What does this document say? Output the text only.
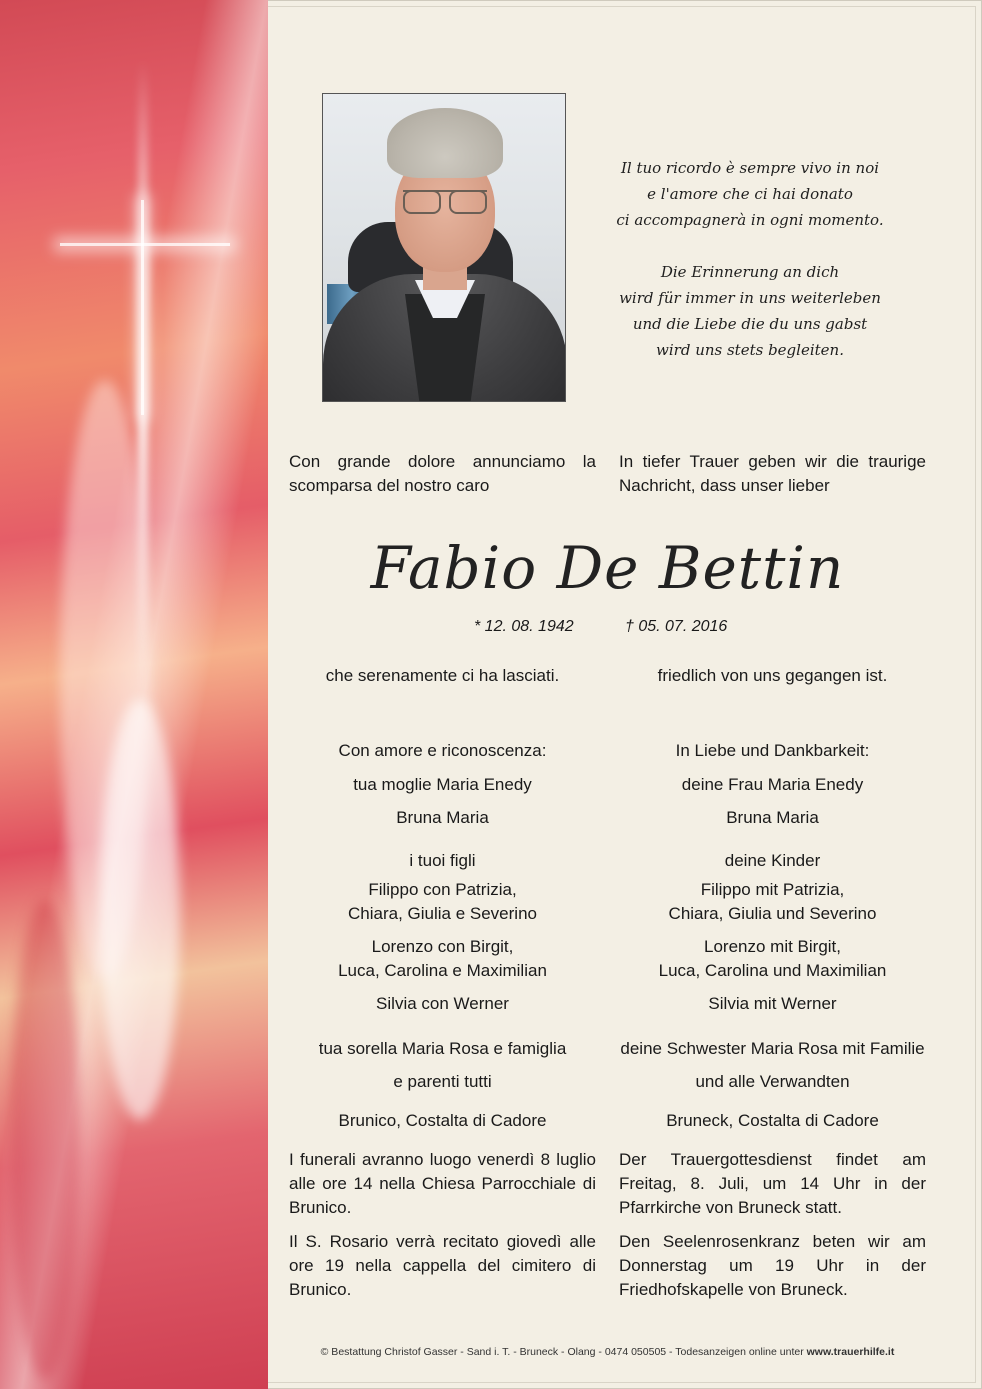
Il tuo ricordo è sempre vivo in noi
e l'amore che ci hai donato
ci accompagnerà in ogni momento.
Die Erinnerung an dich
wird für immer in uns weiterleben
und die Liebe die du uns gabst
wird uns stets begleiten.
Con grande dolore annunciamo la scomparsa del nostro caro
In tiefer Trauer geben wir die traurige Nachricht, dass unser lieber
Fabio De Bettin
* 12. 08. 1942	† 05. 07. 2016
che serenamente ci ha lasciati.	friedlich von uns gegangen ist.
Con amore e riconoscenza:
tua moglie Maria Enedy
Bruna Maria
i tuoi figli
Filippo con Patrizia,
Chiara, Giulia e Severino
Lorenzo con Birgit,
Luca, Carolina e Maximilian
Silvia con Werner
tua sorella Maria Rosa e famiglia
e parenti tutti
Brunico, Costalta di Cadore
In Liebe und Dankbarkeit:
deine Frau Maria Enedy
Bruna Maria
deine Kinder
Filippo mit Patrizia,
Chiara, Giulia und Severino
Lorenzo mit Birgit,
Luca, Carolina und Maximilian
Silvia mit Werner
deine Schwester Maria Rosa mit Familie
und alle Verwandten
Bruneck, Costalta di Cadore
I funerali avranno luogo venerdì 8 luglio alle ore 14 nella Chiesa Parrocchiale di Brunico.
Der Trauergottesdienst findet am Freitag, 8. Juli, um 14 Uhr in der Pfarrkirche von Bruneck statt.
Il S. Rosario verrà recitato giovedì alle ore 19 nella cappella del cimitero di Brunico.
Den Seelenrosenkranz beten wir am Donnerstag um 19 Uhr in der Friedhofskapelle von Bruneck.
© Bestattung Christof Gasser - Sand i. T. - Bruneck - Olang - 0474 050505 - Todesanzeigen online unter www.trauerhilfe.it
